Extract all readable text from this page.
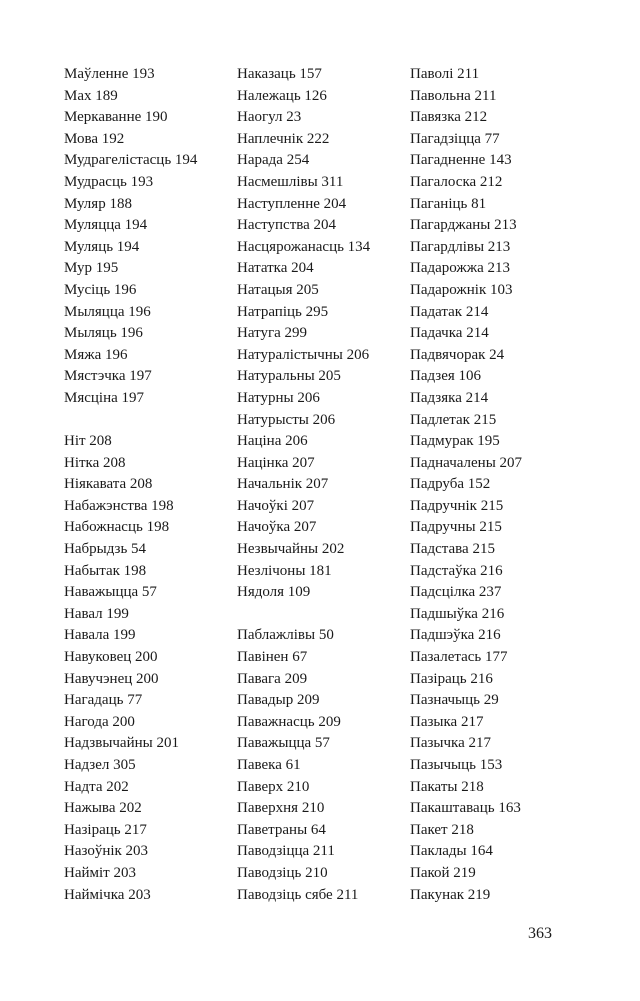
Маўленне 193
Мах 189
Меркаванне 190
Мова 192
Мудрагелістасць 194
Мудрасць 193
Муляр 188
Муляцца 194
Муляць 194
Мур 195
Мусіць 196
Мыляцца 196
Мыляць 196
Мяжа 196
Мястэчка 197
Мясціна 197
Ніт 208
Нітка 208
Ніякавата 208
Набажэнства 198
Набожнасць 198
Набрыдзь 54
Набытак 198
Наважыцца 57
Навал 199
Навала 199
Навуковец 200
Навучэнец 200
Нагадаць 77
Нагода 200
Надзвычайны 201
Надзел 305
Надта 202
Нажыва 202
Назіраць 217
Назоўнік 203
Наймiт 203
Наймічка 203
Наказаць 157
Належаць 126
Наогул 23
Наплечнік 222
Нарада 254
Насмешлівы 311
Наступленне 204
Наступства 204
Насцярожанасць 134
Нататка 204
Натацыя 205
Натрапіць 295
Натуга 299
Натуралістычны 206
Натуральны 205
Натурны 206
Натурысты 206
Нацiна 206
Націнка 207
Начальнік 207
Начоўкі 207
Начоўка 207
Незвычайны 202
Незлічоны 181
Нядоля 109
Паблажлівы 50
Павінен 67
Павага 209
Павадыр 209
Паважнасць 209
Паважыцца 57
Павека 61
Паверх 210
Паверхня 210
Паветраны 64
Паводзіцца 211
Паводзіць 210
Паводзіць сябе 211
Паволі 211
Павольна 211
Павязка 212
Пагадзіцца 77
Пагадненне 143
Пагалоска 212
Паганіць 81
Пагарджаны 213
Пагардлівы 213
Падарожжа 213
Падарожнік 103
Падатак 214
Падачка 214
Падвячорак 24
Падзея 106
Падзяка 214
Падлетак 215
Падмурак 195
Падначалены 207
Падруба 152
Падручнік 215
Падручны 215
Падстава 215
Падстаўка 216
Падсцілка 237
Падшыўка 216
Падшэўка 216
Пазалетась 177
Пазіраць 216
Пазначыць 29
Пазыка 217
Пазычка 217
Пазычыць 153
Пакаты 218
Пакаштаваць 163
Пакет 218
Паклады 164
Пакой 219
Пакунак 219
363
